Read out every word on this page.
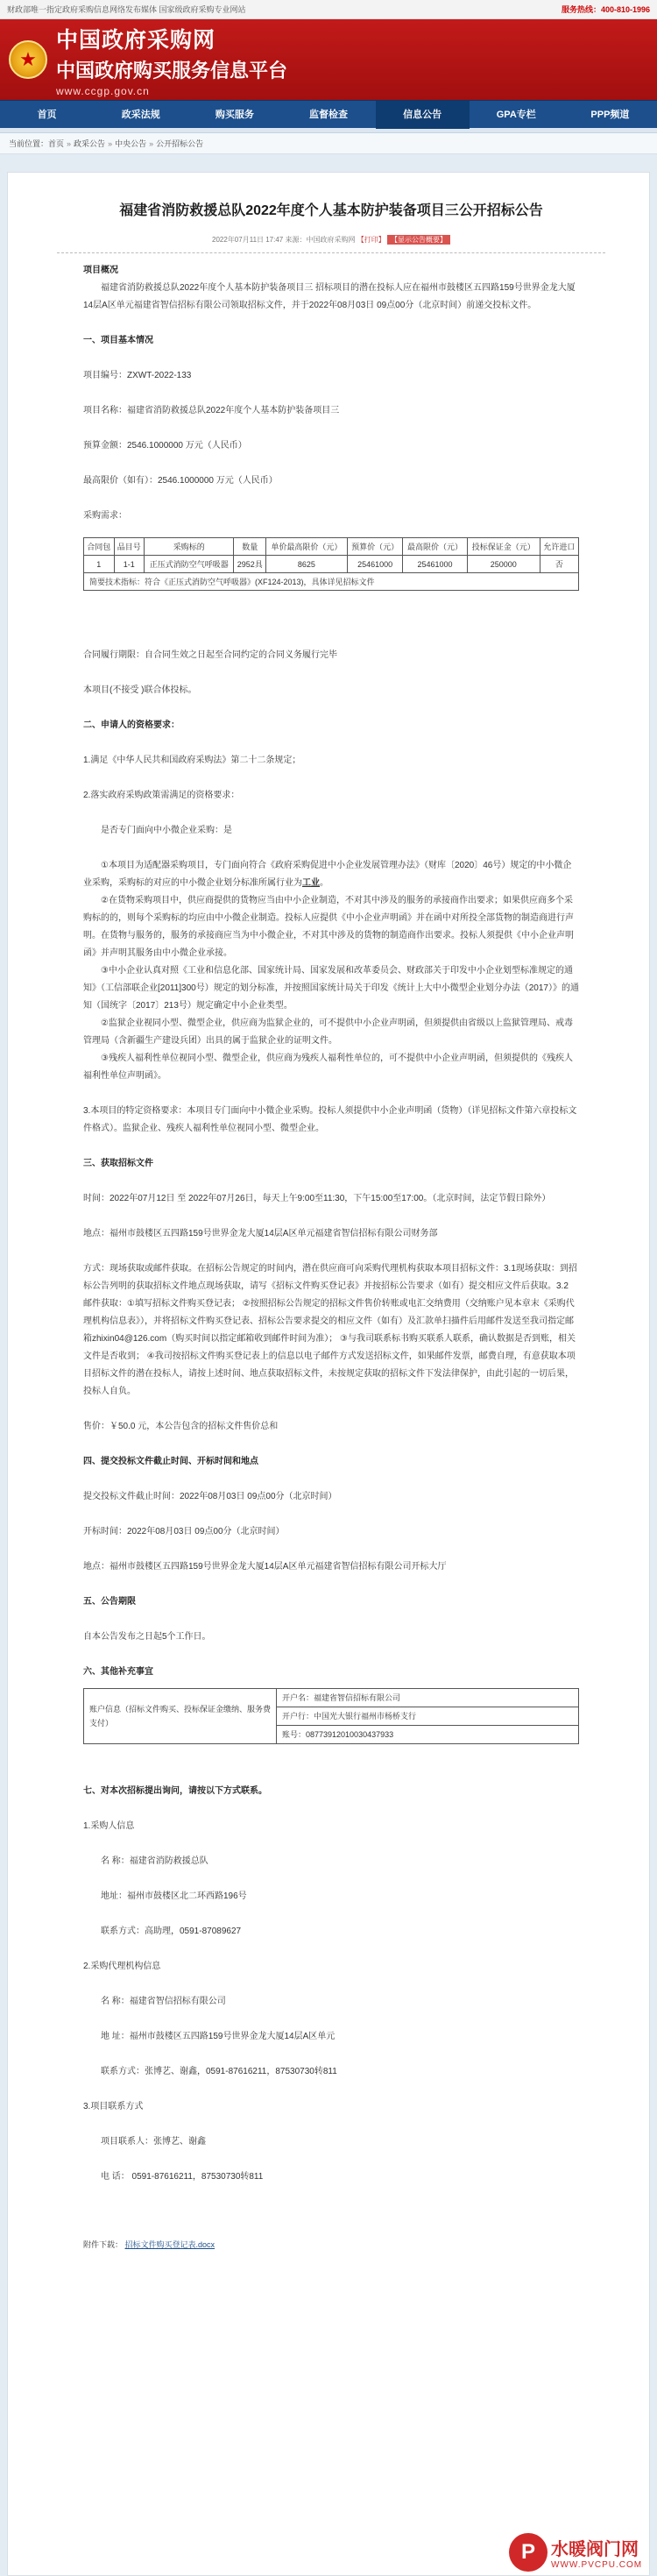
财政部唯一指定政府采购信息网络发布媒体 国家级政府采购专业网站	服务热线：400-810-1996
★
中国政府采购网
中国政府购买服务信息平台
www.ccgp.gov.cn
首页	政采法规	购买服务	监督检查	信息公告	GPA专栏	PPP频道
当前位置： 首页 » 政采公告 » 中央公告 » 公开招标公告
福建省消防救援总队2022年度个人基本防护装备项目三公开招标公告
2022年07月11日 17:47 来源：中国政府采购网 【打印】 【显示公告概要】
项目概况
福建省消防救援总队2022年度个人基本防护装备项目三 招标项目的潜在投标人应在福州市鼓楼区五四路159号世界金龙大厦14层A区单元福建省智信招标有限公司领取招标文件，并于2022年08月03日 09点00分（北京时间）前递交投标文件。
一、项目基本情况
项目编号：ZXWT-2022-133
项目名称：福建省消防救援总队2022年度个人基本防护装备项目三
预算金额：2546.1000000 万元（人民币）
最高限价（如有）：2546.1000000 万元（人民币）
采购需求：
合同包	品目号	采购标的	数量	单价最高限价（元）	预算价（元）	最高限价（元）	投标保证金（元）	允许进口
1	1-1	正压式消防空气呼吸器	2952具	8625	25461000	25461000	250000	否
简要技术指标：符合《正压式消防空气呼吸器》(XF124-2013)，具体详见招标文件								
合同履行期限：自合同生效之日起至合同约定的合同义务履行完毕
本项目(不接受 )联合体投标。
二、申请人的资格要求：
1.满足《中华人民共和国政府采购法》第二十二条规定；
2.落实政府采购政策需满足的资格要求：
是否专门面向中小微企业采购：是
①本项目为适配器采购项目，专门面向符合《政府采购促进中小企业发展管理办法》（财库〔2020〕46号）规定的中小微企业采购，采购标的对应的中小微企业划分标准所属行业为工业。
②在货物采购项目中，供应商提供的货物应当由中小企业制造，不对其中涉及的服务的承接商作出要求；如果供应商多个采购标的的，则每个采购标的均应由中小微企业制造。投标人应提供《中小企业声明函》并在函中对所投全部货物的制造商进行声明。在货物与服务的，服务的承接商应当为中小微企业，不对其中涉及的货物的制造商作出要求。投标人须提供《中小企业声明函》并声明其服务由中小微企业承接。
③中小企业认真对照《工业和信息化部、国家统计局、国家发展和改革委员会、财政部关于印发中小企业划型标准规定的通知》（工信部联企业[2011]300号）规定的划分标准，并按照国家统计局关于印发《统计上大中小微型企业划分办法（2017）》的通知（国统字〔2017〕213号）规定确定中小企业类型。
②监狱企业视同小型、微型企业，供应商为监狱企业的，可不提供中小企业声明函，但须提供由省级以上监狱管理局、戒毒管理局（含新疆生产建设兵团）出具的属于监狱企业的证明文件。
③残疾人福利性单位视同小型、微型企业，供应商为残疾人福利性单位的，可不提供中小企业声明函，但须提供的《残疾人福利性单位声明函》。
3.本项目的特定资格要求：本项目专门面向中小微企业采购。投标人须提供中小企业声明函（货物）（详见招标文件第六章投标文件格式）。监狱企业、残疾人福利性单位视同小型、微型企业。
三、获取招标文件
时间：2022年07月12日 至 2022年07月26日，每天上午9:00至11:30，下午15:00至17:00。（北京时间，法定节假日除外）
地点：福州市鼓楼区五四路159号世界金龙大厦14层A区单元福建省智信招标有限公司财务部
方式：现场获取或邮件获取。在招标公告规定的时间内，潜在供应商可向采购代理机构获取本项目招标文件：3.1现场获取：到招标公告列明的获取招标文件地点现场获取，请写《招标文件购买登记表》并按招标公告要求（如有）提交相应文件后获取。3.2 邮件获取：①填写招标文件购买登记表； ②按照招标公告规定的招标文件售价转账或电汇交纳费用（交纳账户见本章末《采购代理机构信息表》），并将招标文件购买登记表、招标公告要求提交的相应文件（如有）及汇款单扫描件后用邮件发送至我司指定邮箱zhixin04@126.com（购买时间以指定邮箱收到邮件时间为准）； ③与我司联系标书购买联系人联系，确认数据是否到账，相关文件是否收到； ④我司按招标文件购买登记表上的信息以电子邮件方式发送招标文件，如果邮件发票，邮费自理，有意获取本项目招标文件的潜在投标人，请按上述时间、地点获取招标文件，未按规定获取的招标文件下发法律保护，由此引起的一切后果，投标人自负。
售价：￥50.0 元，本公告包含的招标文件售价总和
四、提交投标文件截止时间、开标时间和地点
提交投标文件截止时间：2022年08月03日 09点00分（北京时间）
开标时间：2022年08月03日 09点00分（北京时间）
地点：福州市鼓楼区五四路159号世界金龙大厦14层A区单元福建省智信招标有限公司开标大厅
五、公告期限
自本公告发布之日起5个工作日。
六、其他补充事宜
账户信息（招标文件购买、投标保证金缴纳、服务费支付）	开户名：福建省智信招标有限公司
开户行：中国光大银行福州市杨桥支行
账号：08773912010030437933
七、对本次招标提出询问，请按以下方式联系。
1.采购人信息
名 称：福建省消防救援总队
地址：福州市鼓楼区北二环西路196号
联系方式：高助理，0591-87089627
2.采购代理机构信息
名 称：福建省智信招标有限公司
地 址：福州市鼓楼区五四路159号世界金龙大厦14层A区单元
联系方式：张博艺、谢鑫，0591-87616211，87530730转811
3.项目联系方式
项目联系人：张博艺、谢鑫
电 话： 0591-87616211，87530730转811
附件下载： 招标文件购买登记表.docx
P 水暖阀门网
WWW.PVCPU.COM
